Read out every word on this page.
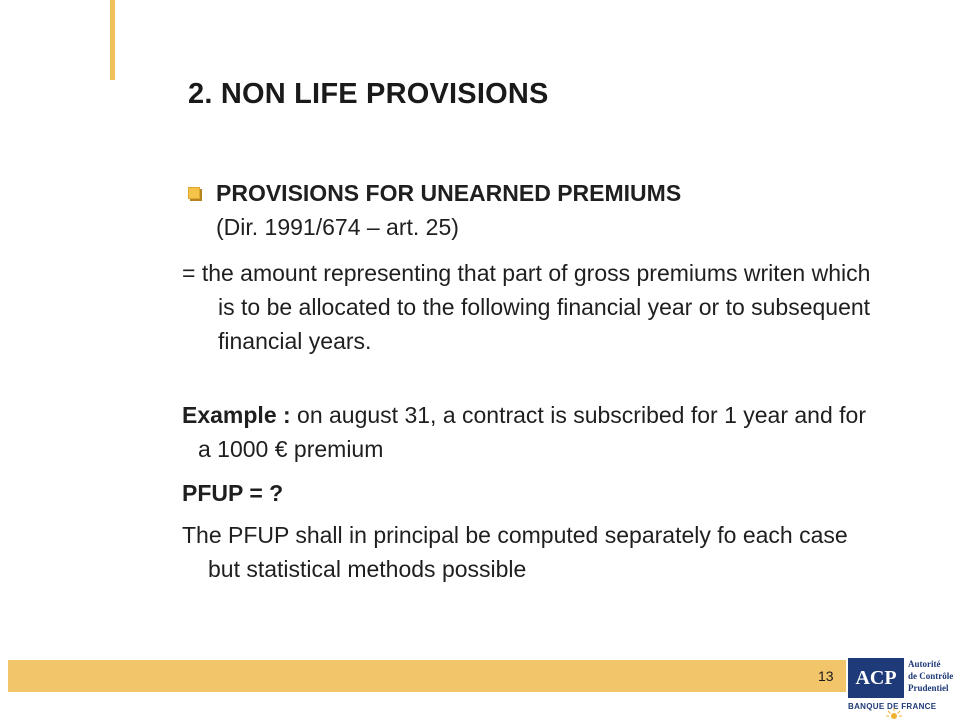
2. NON LIFE PROVISIONS
PROVISIONS FOR UNEARNED PREMIUMS
(Dir. 1991/674 – art. 25)

= the amount representing that part of gross premiums writen which is to be allocated to the following financial year or to subsequent financial years.

Example : on august 31, a contract is subscribed for 1 year and for a 1000 € premium

PFUP = ?

The PFUP shall in principal be computed separately fo each case but statistical methods possible

13	ACP
Autorité
de Contrôle
Prudentiel
BANQUE DE FRANCE
